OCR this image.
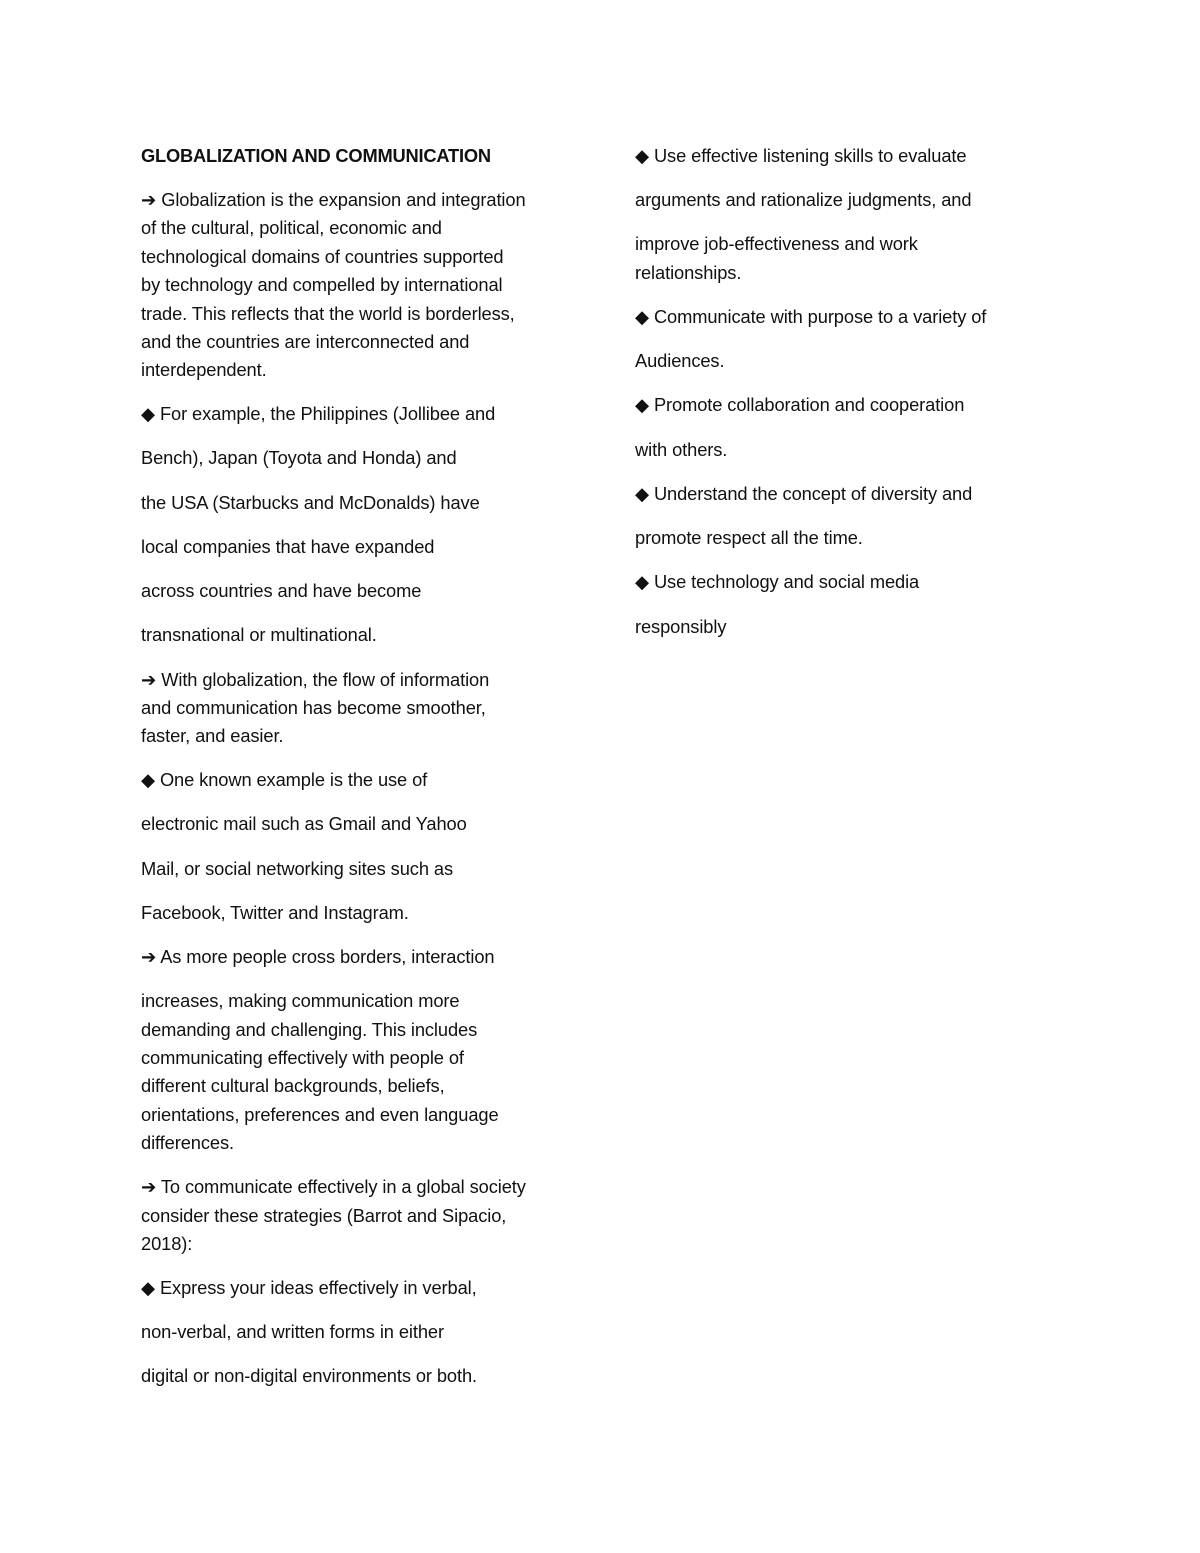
GLOBALIZATION AND COMMUNICATION
➔ Globalization is the expansion and integration
of the cultural, political, economic and
technological domains of countries supported
by technology and compelled by international
trade. This reflects that the world is borderless,
and the countries are interconnected and
interdependent.
◆ For example, the Philippines (Jollibee and
Bench), Japan (Toyota and Honda) and
the USA (Starbucks and McDonalds) have
local companies that have expanded
across countries and have become
transnational or multinational.
➔ With globalization, the flow of information
and communication has become smoother,
faster, and easier.
◆ One known example is the use of
electronic mail such as Gmail and Yahoo
Mail, or social networking sites such as
Facebook, Twitter and Instagram.
➔ As more people cross borders, interaction
increases, making communication more
demanding and challenging. This includes
communicating effectively with people of
different cultural backgrounds, beliefs,
orientations, preferences and even language
differences.
➔ To communicate effectively in a global society
consider these strategies (Barrot and Sipacio,
2018):
◆ Express your ideas effectively in verbal,
non-verbal, and written forms in either
digital or non-digital environments or both.
◆ Use effective listening skills to evaluate
arguments and rationalize judgments, and
improve job-effectiveness and work
relationships.
◆ Communicate with purpose to a variety of
Audiences.
◆ Promote collaboration and cooperation
with others.
◆ Understand the concept of diversity and
promote respect all the time.
◆ Use technology and social media
responsibly
